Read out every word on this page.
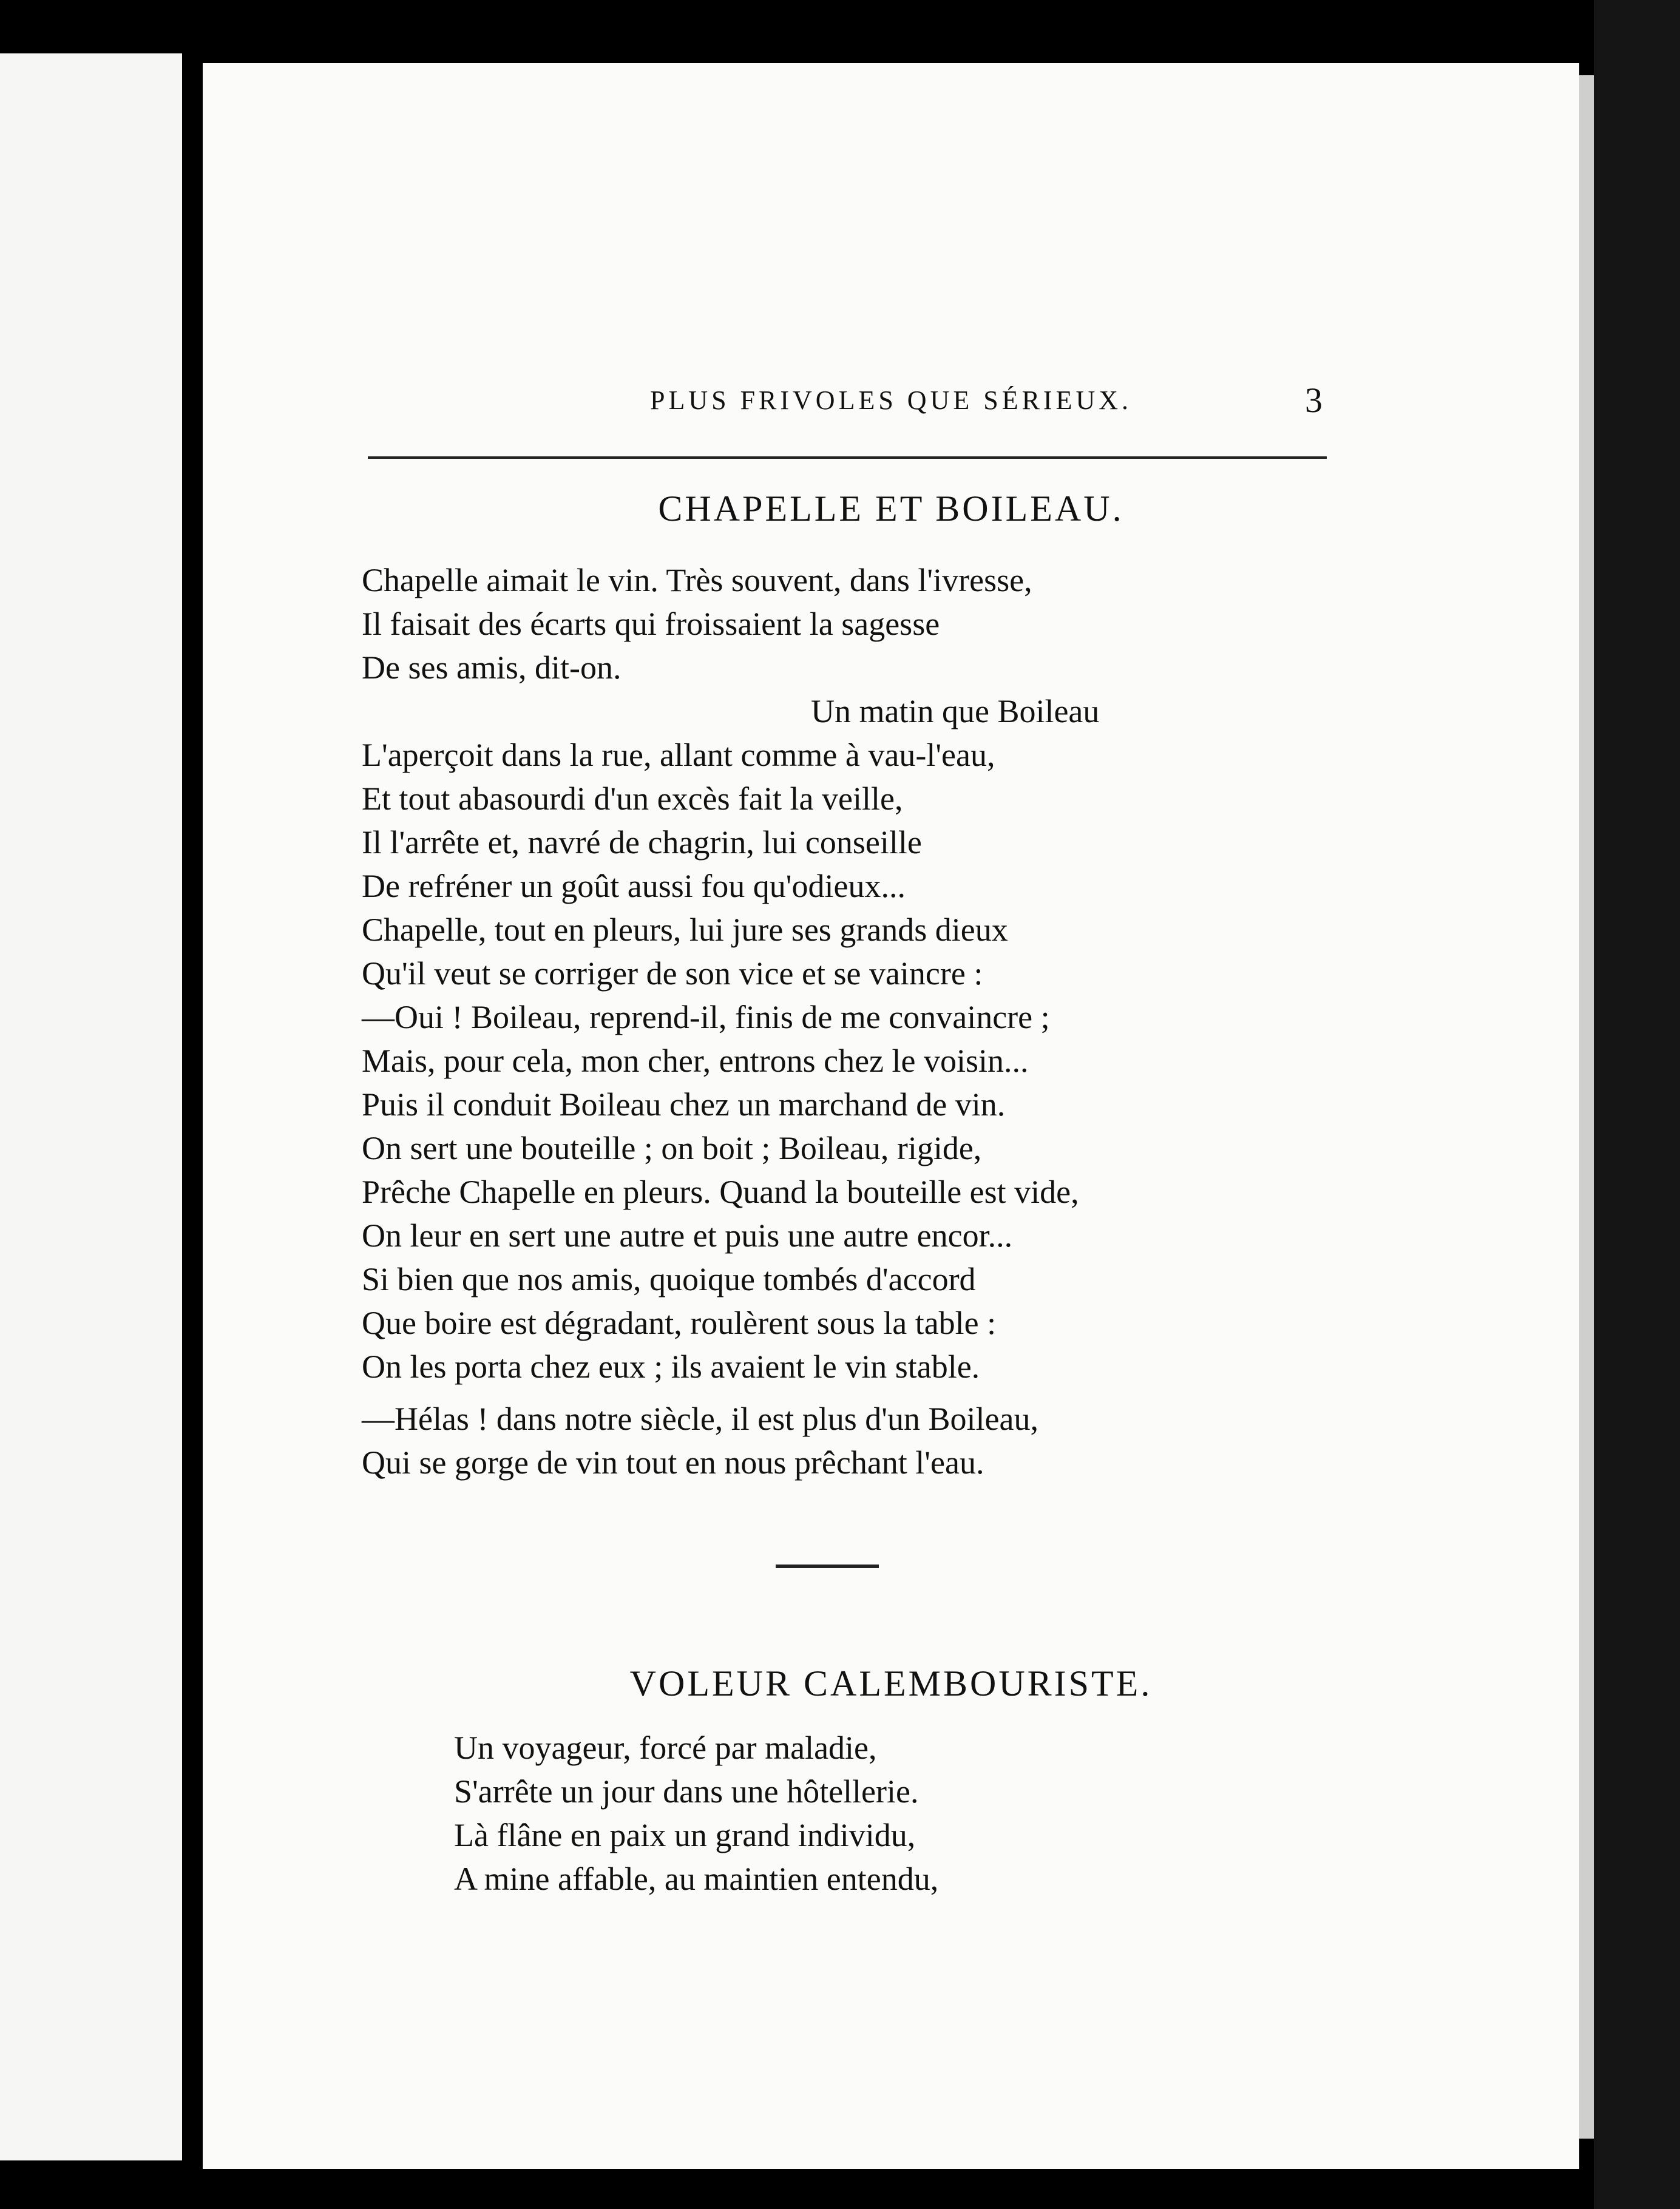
PLUS FRIVOLES QUE SÉRIEUX.	3
CHAPELLE ET BOILEAU.
Chapelle aimait le vin. Très souvent, dans l'ivresse,
Il faisait des écarts qui froissaient la sagesse
De ses amis, dit-on.
Un matin que Boileau
L'aperçoit dans la rue, allant comme à vau-l'eau,
Et tout abasourdi d'un excès fait la veille,
Il l'arrête et, navré de chagrin, lui conseille
De refréner un goût aussi fou qu'odieux...
Chapelle, tout en pleurs, lui jure ses grands dieux
Qu'il veut se corriger de son vice et se vaincre :
—Oui ! Boileau, reprend-il, finis de me convaincre ;
Mais, pour cela, mon cher, entrons chez le voisin...
Puis il conduit Boileau chez un marchand de vin.
On sert une bouteille ; on boit ; Boileau, rigide,
Prêche Chapelle en pleurs. Quand la bouteille est vide,
On leur en sert une autre et puis une autre encor...
Si bien que nos amis, quoique tombés d'accord
Que boire est dégradant, roulèrent sous la table :
On les porta chez eux ; ils avaient le vin stable.
—Hélas ! dans notre siècle, il est plus d'un Boileau,
Qui se gorge de vin tout en nous prêchant l'eau.
VOLEUR CALEMBOURISTE.
Un voyageur, forcé par maladie,
S'arrête un jour dans une hôtellerie.
Là flâne en paix un grand individu,
A mine affable, au maintien entendu,
